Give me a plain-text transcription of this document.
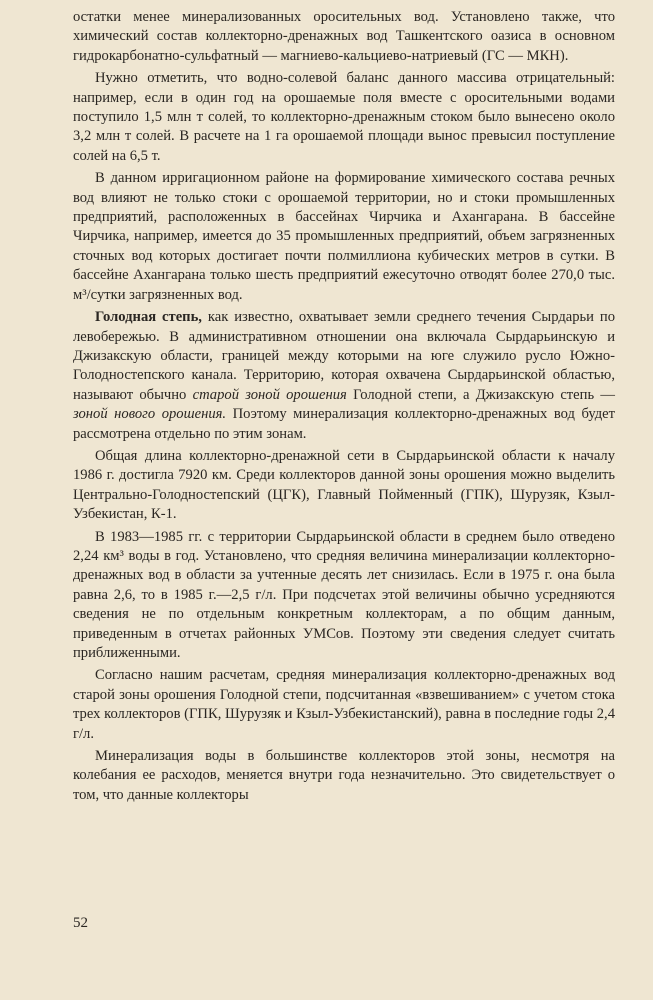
остатки менее минерализованных оросительных вод. Установлено также, что химический состав коллекторно-дренажных вод Ташкентского оазиса в основном гидрокарбонатно-сульфатный — магниево-кальциево-натриевый (ГС — МКН).

Нужно отметить, что водно-солевой баланс данного массива отрицательный: например, если в один год на орошаемые поля вместе с оросительными водами поступило 1,5 млн т солей, то коллекторно-дренажным стоком было вынесено около 3,2 млн т солей. В расчете на 1 га орошаемой площади вынос превысил поступление солей на 6,5 т.

В данном ирригационном районе на формирование химического состава речных вод влияют не только стоки с орошаемой территории, но и стоки промышленных предприятий, расположенных в бассейнах Чирчика и Ахангарана. В бассейне Чирчика, например, имеется до 35 промышленных предприятий, объем загрязненных сточных вод которых достигает почти полмиллиона кубических метров в сутки. В бассейне Ахангарана только шесть предприятий ежесуточно отводят более 270,0 тыс. м³/сутки загрязненных вод.

Голодная степь, как известно, охватывает земли среднего течения Сырдарьи по левобережью. В административном отношении она включала Сырдарьинскую и Джизакскую области, границей между которыми на юге служило русло Южно-Голодностепского канала. Территорию, которая охвачена Сырдарьинской областью, называют обычно старой зоной орошения Голодной степи, а Джизакскую степь — зоной нового орошения. Поэтому минерализация коллекторно-дренажных вод будет рассмотрена отдельно по этим зонам.

Общая длина коллекторно-дренажной сети в Сырдарьинской области к началу 1986 г. достигла 7920 км. Среди коллекторов данной зоны орошения можно выделить Центрально-Голодностепский (ЦГК), Главный Пойменный (ГПК), Шурузяк, Кзыл-Узбекистан, К-1.

В 1983—1985 гг. с территории Сырдарьинской области в среднем было отведено 2,24 км³ воды в год. Установлено, что средняя величина минерализации коллекторно-дренажных вод в области за учтенные десять лет снизилась. Если в 1975 г. она была равна 2,6, то в 1985 г.—2,5 г/л. При подсчетах этой величины обычно усредняются сведения не по отдельным конкретным коллекторам, а по общим данным, приведенным в отчетах районных УМСов. Поэтому эти сведения следует считать приближенными.

Согласно нашим расчетам, средняя минерализация коллекторно-дренажных вод старой зоны орошения Голодной степи, подсчитанная «взвешиванием» с учетом стока трех коллекторов (ГПК, Шурузяк и Кзыл-Узбекистанский), равна в последние годы 2,4 г/л.

Минерализация воды в большинстве коллекторов этой зоны, несмотря на колебания ее расходов, меняется внутри года незначительно. Это свидетельствует о том, что данные коллекторы

52
